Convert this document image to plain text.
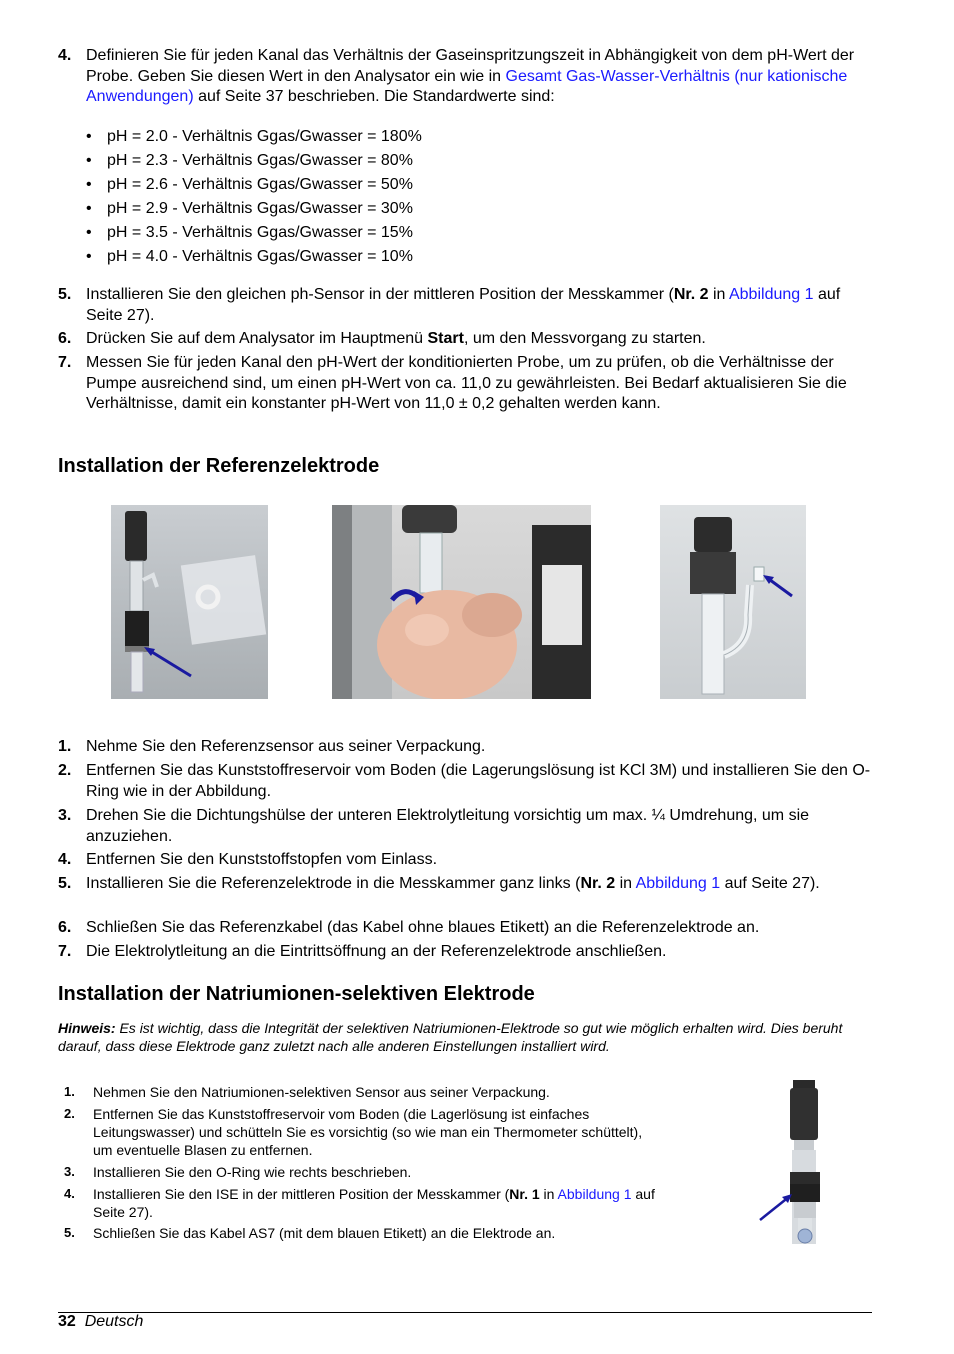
4. Definieren Sie für jeden Kanal das Verhältnis der Gaseinspritzungszeit in Abhängigkeit von dem pH-Wert der Probe. Geben Sie diesen Wert in den Analysator ein wie in Gesamt Gas-Wasser-Verhältnis (nur kationische Anwendungen) auf Seite 37 beschrieben. Die Standardwerte sind:
• pH = 2.0 - Verhältnis Ggas/Gwasser = 180%
• pH = 2.3 - Verhältnis Ggas/Gwasser = 80%
• pH = 2.6 - Verhältnis Ggas/Gwasser = 50%
• pH = 2.9 - Verhältnis Ggas/Gwasser = 30%
• pH = 3.5 - Verhältnis Ggas/Gwasser = 15%
• pH = 4.0 - Verhältnis Ggas/Gwasser = 10%
5. Installieren Sie den gleichen ph-Sensor in der mittleren Position der Messkammer (Nr. 2 in Abbildung 1 auf Seite 27).
6. Drücken Sie auf dem Analysator im Hauptmenü Start, um den Messvorgang zu starten.
7. Messen Sie für jeden Kanal den pH-Wert der konditionierten Probe, um zu prüfen, ob die Verhältnisse der Pumpe ausreichend sind, um einen pH-Wert von ca. 11,0 zu gewährleisten. Bei Bedarf aktualisieren Sie die Verhältnisse, damit ein konstanter pH-Wert von 11,0 ± 0,2 gehalten werden kann.
Installation der Referenzelektrode
1. Nehme Sie den Referenzsensor aus seiner Verpackung.
2. Entfernen Sie das Kunststoffreservoir vom Boden (die Lagerungslösung ist KCl 3M) und installieren Sie den O-Ring wie in der Abbildung.
3. Drehen Sie die Dichtungshülse der unteren Elektrolytleitung vorsichtig um max. ¼ Umdrehung, um sie anzuziehen.
4. Entfernen Sie den Kunststoffstopfen vom Einlass.
5. Installieren Sie die Referenzelektrode in die Messkammer ganz links (Nr. 2 in Abbildung 1 auf Seite 27).
6. Schließen Sie das Referenzkabel (das Kabel ohne blaues Etikett) an die Referenzelektrode an.
7. Die Elektrolytleitung an die Eintrittsöffnung an der Referenzelektrode anschließen.
Installation der Natriumionen-selektiven Elektrode
Hinweis: Es ist wichtig, dass die Integrität der selektiven Natriumionen-Elektrode so gut wie möglich erhalten wird. Dies beruht darauf, dass diese Elektrode ganz zuletzt nach alle anderen Einstellungen installiert wird.
1. Nehmen Sie den Natriumionen-selektiven Sensor aus seiner Verpackung.
2. Entfernen Sie das Kunststoffreservoir vom Boden (die Lagerlösung ist einfaches Leitungswasser) und schütteln Sie es vorsichtig (so wie man ein Thermometer schüttelt), um eventuelle Blasen zu entfernen.
3. Installieren Sie den O-Ring wie rechts beschrieben.
4. Installieren Sie den ISE in der mittleren Position der Messkammer (Nr. 1 in Abbildung 1 auf Seite 27).
5. Schließen Sie das Kabel AS7 (mit dem blauen Etikett) an die Elektrode an.
32 Deutsch
